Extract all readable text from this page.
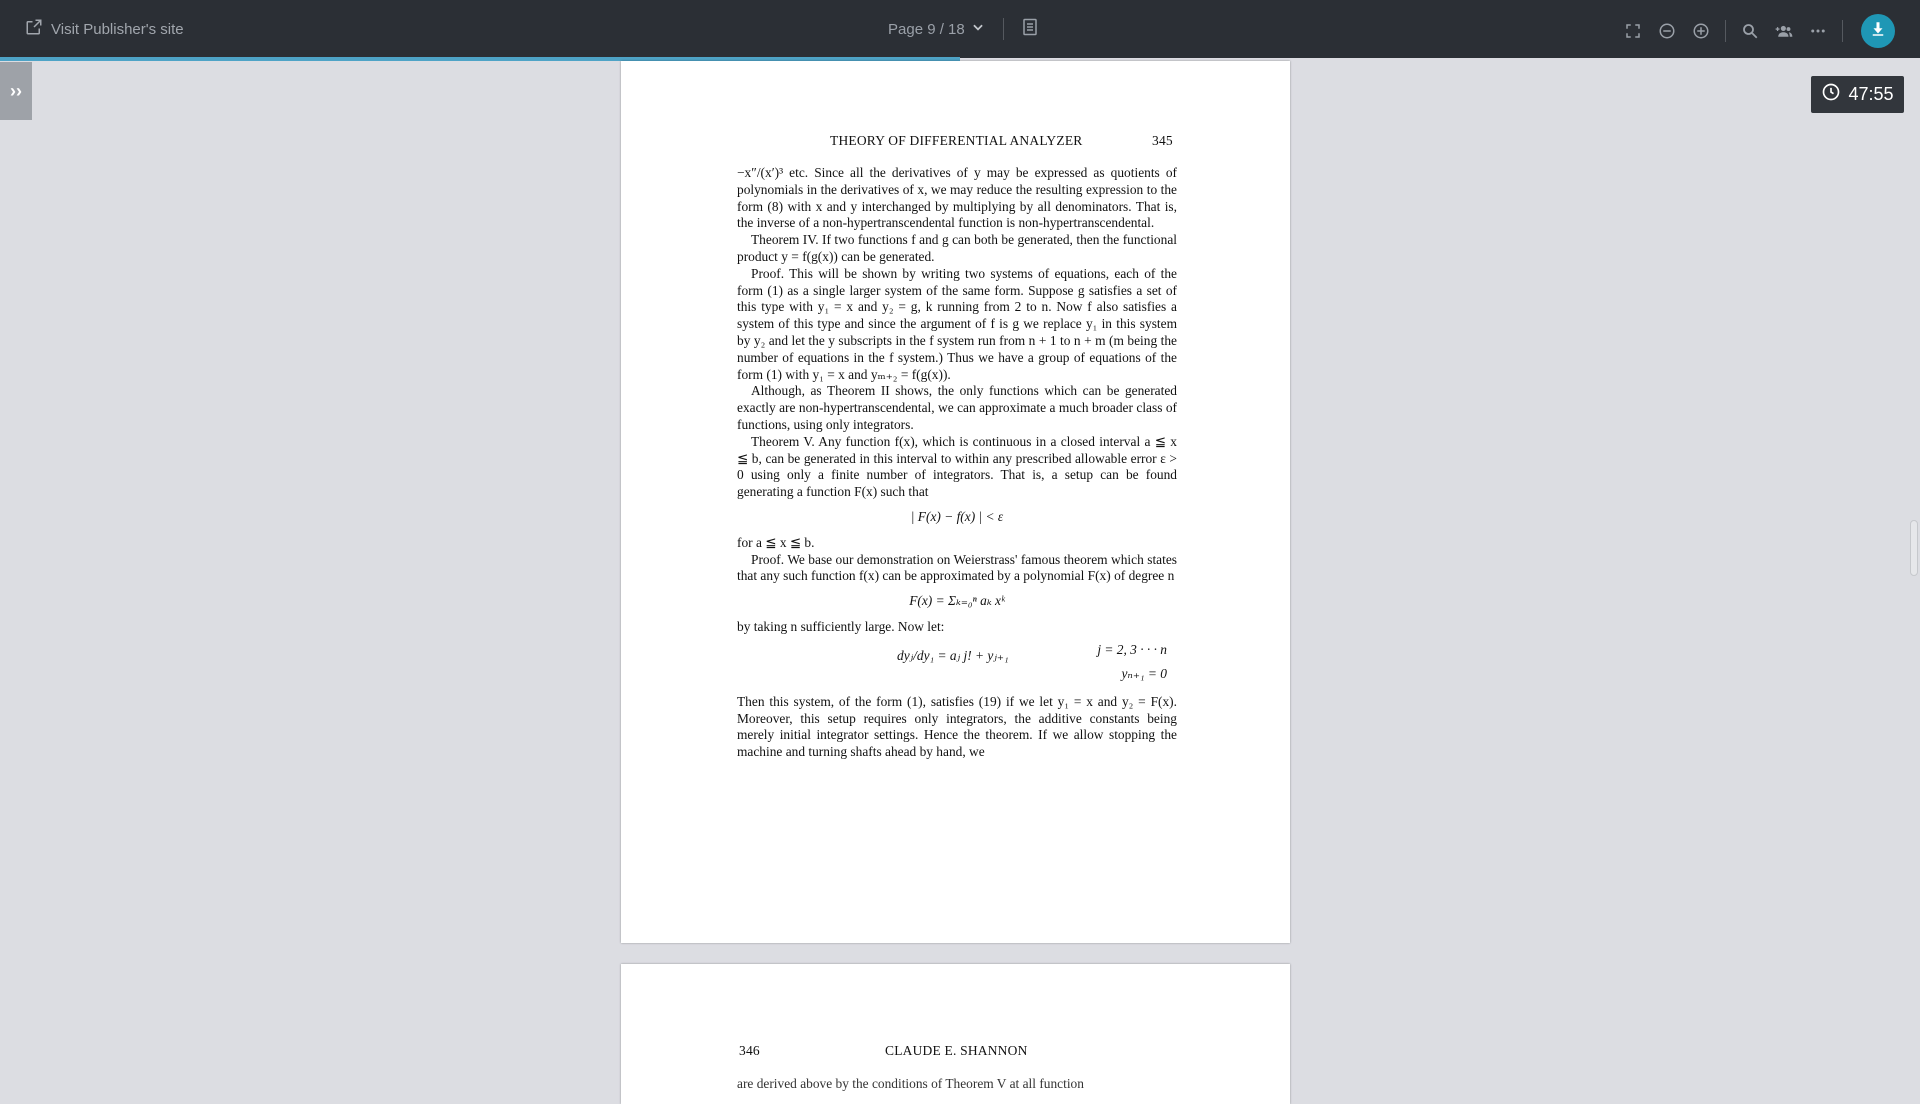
Visit Publisher's site	Page 9 / 18
››	47:55
THEORY OF DIFFERENTIAL ANALYZER	345

−x″/(x′)³ etc. Since all the derivatives of y may be expressed as quotients of polynomials in the derivatives of x, we may reduce the resulting expression to the form (8) with x and y interchanged by multiplying by all denominators. That is, the inverse of a non-hypertranscendental function is non-hypertranscendental.

Theorem IV. If two functions f and g can both be generated, then the functional product y = f(g(x)) can be generated.

Proof. This will be shown by writing two systems of equations, each of the form (1) as a single larger system of the same form. Suppose g satisfies a set of this type with y₁ = x and y₂ = g, k running from 2 to n. Now f also satisfies a system of this type and since the argument of f is g we replace y₁ in this system by y₂ and let the y subscripts in the f system run from n + 1 to n + m (m being the number of equations in the f system.) Thus we have a group of equations of the form (1) with y₁ = x and yₘ₊₂ = f(g(x)).

Although, as Theorem II shows, the only functions which can be generated exactly are non-hypertranscendental, we can approximate a much broader class of functions, using only integrators.

Theorem V. Any function f(x), which is continuous in a closed interval a ≦ x ≦ b, can be generated in this interval to within any prescribed allowable error ε > 0 using only a finite number of integrators. That is, a setup can be found generating a function F(x) such that

| F(x) − f(x) | < ε

for a ≦ x ≦ b.

Proof. We base our demonstration on Weierstrass' famous theorem which states that any such function f(x) can be approximated by a polynomial F(x) of degree n

F(x) = Σₖ₌₀ⁿ aₖ xᵏ

by taking n sufficiently large. Now let:

dyⱼ/dy₁ = aⱼ j! + yⱼ₊₁	j = 2, 3 · · · n
yₙ₊₁ = 0

Then this system, of the form (1), satisfies (19) if we let y₁ = x and y₂ = F(x). Moreover, this setup requires only integrators, the additive constants being merely initial integrator settings. Hence the theorem. If we allow stopping the machine and turning shafts ahead by hand, we

346	CLAUDE E. SHANNON
are derived above by the conditions of Theorem V at all function
